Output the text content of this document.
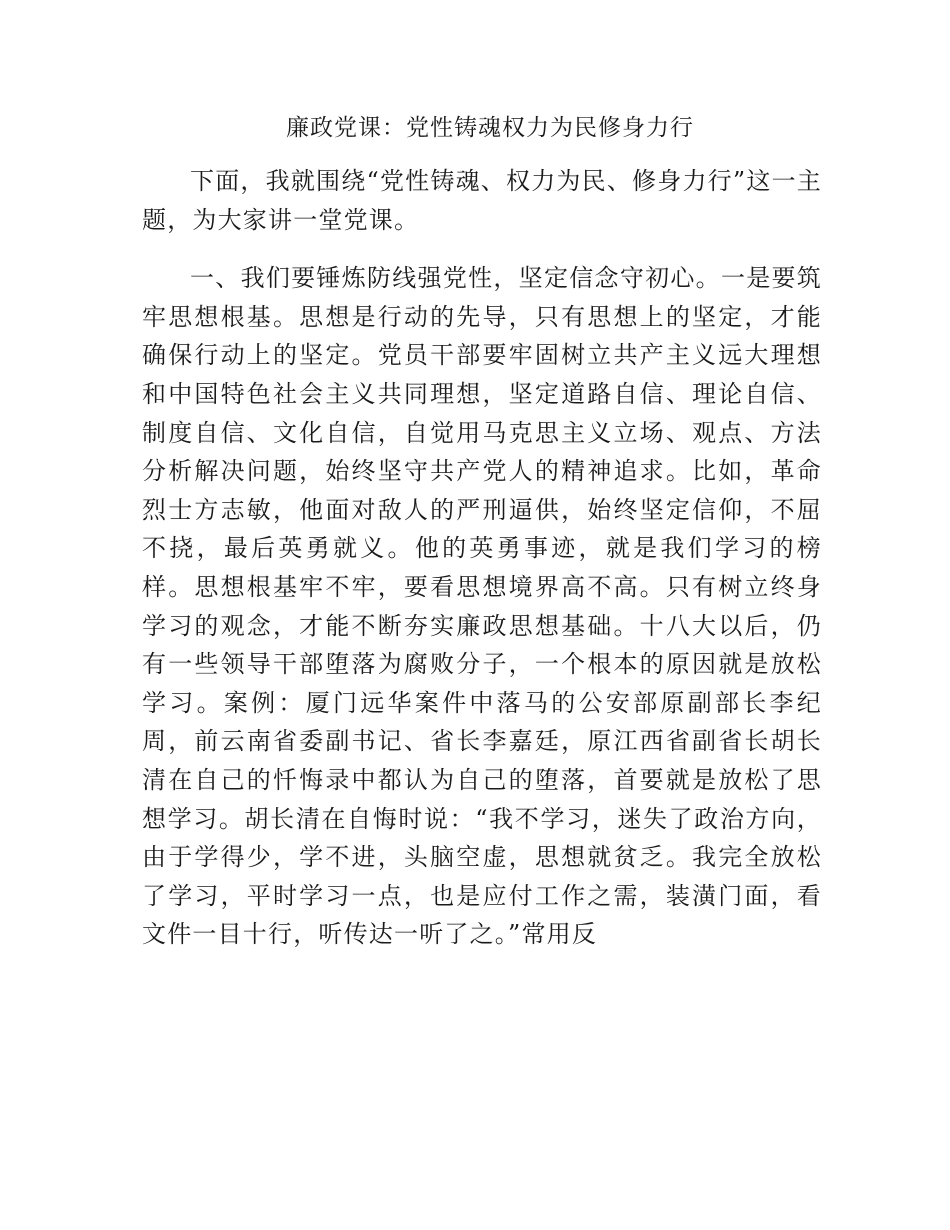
廉政党课：党性铸魂权力为民修身力行

下面，我就围绕“党性铸魂、权力为民、修身力行”这一主题，为大家讲一堂党课。

一、我们要锤炼防线强党性，坚定信念守初心。一是要筑牢思想根基。思想是行动的先导，只有思想上的坚定，才能确保行动上的坚定。党员干部要牢固树立共产主义远大理想和中国特色社会主义共同理想，坚定道路自信、理论自信、制度自信、文化自信，自觉用马克思主义立场、观点、方法分析解决问题，始终坚守共产党人的精神追求。比如，革命烈士方志敏，他面对敌人的严刑逼供，始终坚定信仰，不屈不挠，最后英勇就义。他的英勇事迹，就是我们学习的榜样。思想根基牢不牢，要看思想境界高不高。只有树立终身学习的观念，才能不断夯实廉政思想基础。十八大以后，仍有一些领导干部堕落为腐败分子，一个根本的原因就是放松学习。案例：厦门远华案件中落马的公安部原副部长李纪周，前云南省委副书记、省长李嘉廷，原江西省副省长胡长清在自己的忏悔录中都认为自己的堕落，首要就是放松了思想学习。胡长清在自悔时说：“我不学习，迷失了政治方向，由于学得少，学不进，头脑空虚，思想就贫乏。我完全放松了学习，平时学习一点，也是应付工作之需，装潢门面，看文件一目十行，听传达一听了之。”常用反
